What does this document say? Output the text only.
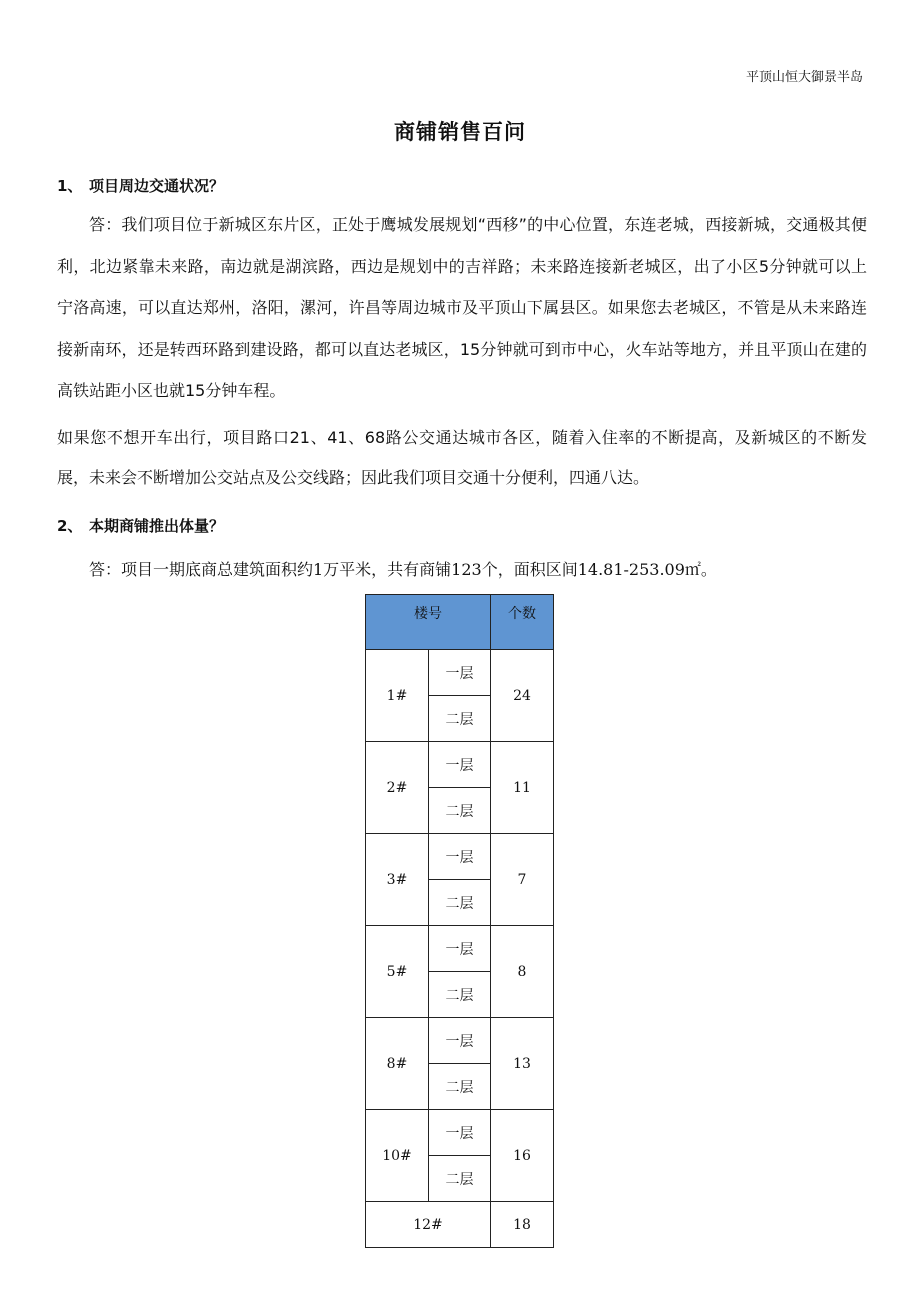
平顶山恒大御景半岛
商铺销售百问
1、 项目周边交通状况？

答：我们项目位于新城区东片区，正处于鹰城发展规划“西移”的中心位置，东连老城，西接新城，交通极其便利，北边紧靠未来路，南边就是湖滨路，西边是规划中的吉祥路；未来路连接新老城区，出了小区5分钟就可以上宁洛高速，可以直达郑州，洛阳，漯河，许昌等周边城市及平顶山下属县区。如果您去老城区，不管是从未来路连接新南环，还是转西环路到建设路，都可以直达老城区，15分钟就可到市中心，火车站等地方，并且平顶山在建的高铁站距小区也就15分钟车程。

如果您不想开车出行，项目路口21、41、68路公交通达城市各区，随着入住率的不断提高，及新城区的不断发展，未来会不断增加公交站点及公交线路；因此我们项目交通十分便利，四通八达。

2、 本期商铺推出体量？
答：项目一期底商总建筑面积约1万平米，共有商铺123个，面积区间14.81-253.09㎡。
楼号		个数
1#	一层	24
	二层	
2#	一层	11
	二层	
3#	一层	7
	二层	
5#	一层	8
	二层	
8#	一层	13
	二层	
10#	一层	16
	二层	
12#		18
